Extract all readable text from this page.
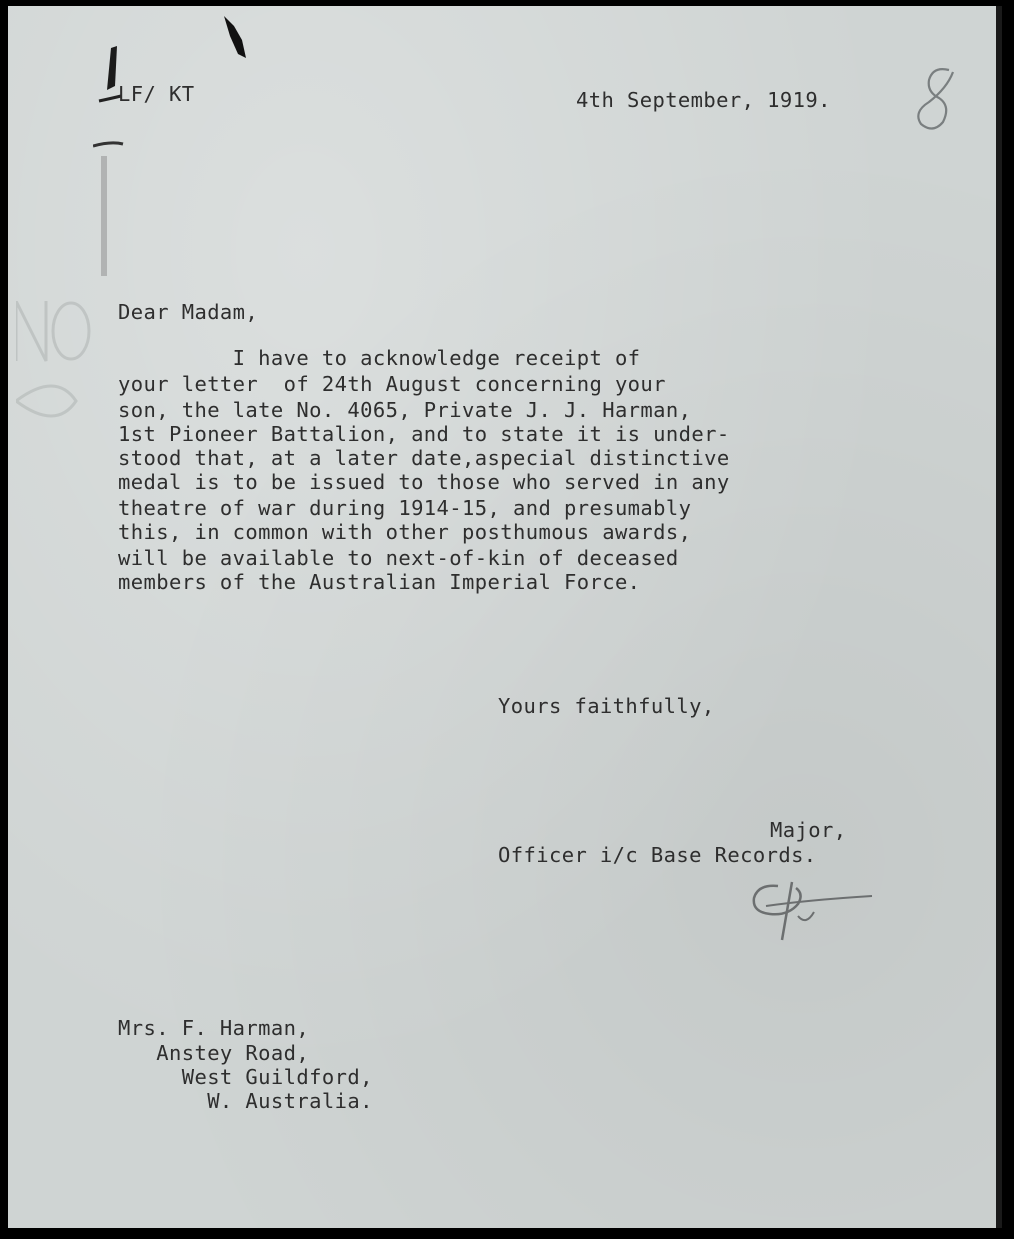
LF/ KT	4th September, 1919.
Dear Madam,
I have to acknowledge receipt of
your letter  of 24th August concerning your
son, the late No. 4065, Private J. J. Harman,
1st Pioneer Battalion, and to state it is under-
stood that, at a later date,aspecial distinctive
medal is to be issued to those who served in any
theatre of war during 1914-15, and presumably
this, in common with other posthumous awards,
will be available to next-of-kin of deceased
members of the Australian Imperial Force.
Yours faithfully,
Major,
Officer i/c Base Records.
Mrs. F. Harman,
Anstey Road,
West Guildford,
W. Australia.
